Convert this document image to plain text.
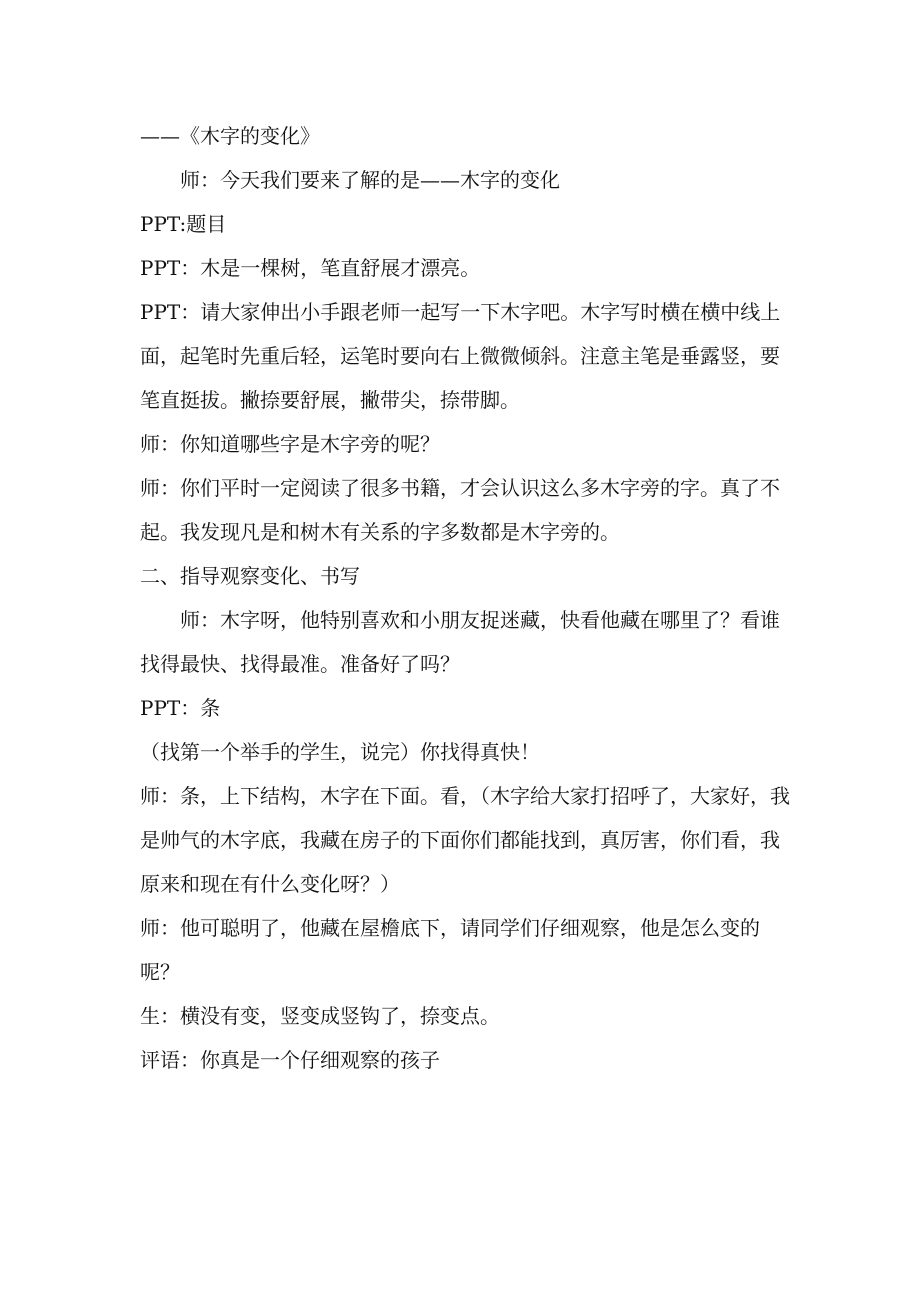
——《木字的变化》

师：今天我们要来了解的是——木字的变化

PPT:题目

PPT：木是一棵树，笔直舒展才漂亮。

PPT：请大家伸出小手跟老师一起写一下木字吧。木字写时横在横中线上面，起笔时先重后轻，运笔时要向右上微微倾斜。注意主笔是垂露竖，要笔直挺拔。撇捺要舒展，撇带尖，捺带脚。

师：你知道哪些字是木字旁的呢？

师：你们平时一定阅读了很多书籍，才会认识这么多木字旁的字。真了不起。我发现凡是和树木有关系的字多数都是木字旁的。

二、指导观察变化、书写

师：木字呀，他特别喜欢和小朋友捉迷藏，快看他藏在哪里了？看谁找得最快、找得最准。准备好了吗？

PPT：条

（找第一个举手的学生，说完）你找得真快！

师：条，上下结构，木字在下面。看，（木字给大家打招呼了，大家好，我是帅气的木字底，我藏在房子的下面你们都能找到，真厉害，你们看，我原来和现在有什么变化呀？）

师：他可聪明了，他藏在屋檐底下，请同学们仔细观察，他是怎么变的呢？

生：横没有变，竖变成竖钩了，捺变点。

评语：你真是一个仔细观察的孩子
